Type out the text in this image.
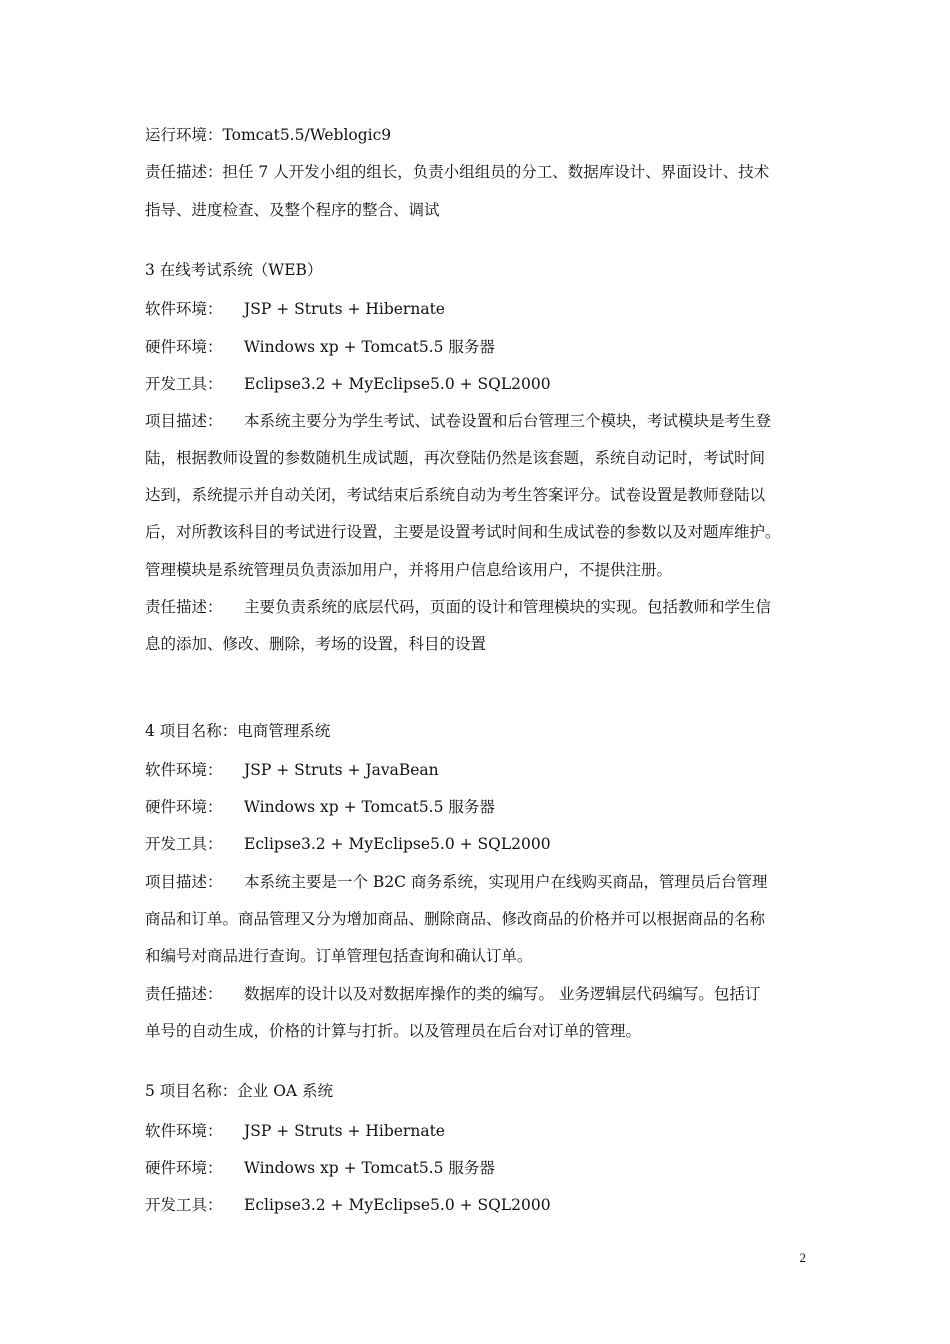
运行环境：Tomcat5.5/Weblogic9
责任描述：担任 7 人开发小组的组长，负责小组组员的分工、数据库设计、界面设计、技术
指导、进度检查、及整个程序的整合、调试
3 在线考试系统（WEB）
软件环境： JSP + Struts + Hibernate
硬件环境： Windows xp + Tomcat5.5 服务器
开发工具： Eclipse3.2 + MyEclipse5.0 + SQL2000
项目描述： 本系统主要分为学生考试、试卷设置和后台管理三个模块，考试模块是考生登
陆，根据教师设置的参数随机生成试题，再次登陆仍然是该套题，系统自动记时，考试时间
达到，系统提示并自动关闭，考试结束后系统自动为考生答案评分。试卷设置是教师登陆以
后，对所教该科目的考试进行设置，主要是设置考试时间和生成试卷的参数以及对题库维护。
管理模块是系统管理员负责添加用户，并将用户信息给该用户，不提供注册。
责任描述： 主要负责系统的底层代码，页面的设计和管理模块的实现。包括教师和学生信
息的添加、修改、删除，考场的设置，科目的设置
4 项目名称：电商管理系统
软件环境： JSP + Struts + JavaBean
硬件环境： Windows xp + Tomcat5.5 服务器
开发工具： Eclipse3.2 + MyEclipse5.0 + SQL2000
项目描述： 本系统主要是一个 B2C 商务系统，实现用户在线购买商品，管理员后台管理
商品和订单。商品管理又分为增加商品、删除商品、修改商品的价格并可以根据商品的名称
和编号对商品进行查询。订单管理包括查询和确认订单。
责任描述： 数据库的设计以及对数据库操作的类的编写。 业务逻辑层代码编写。包括订
单号的自动生成，价格的计算与打折。以及管理员在后台对订单的管理。
5 项目名称：企业 OA 系统
软件环境： JSP + Struts + Hibernate
硬件环境： Windows xp + Tomcat5.5 服务器
开发工具： Eclipse3.2 + MyEclipse5.0 + SQL2000
2
